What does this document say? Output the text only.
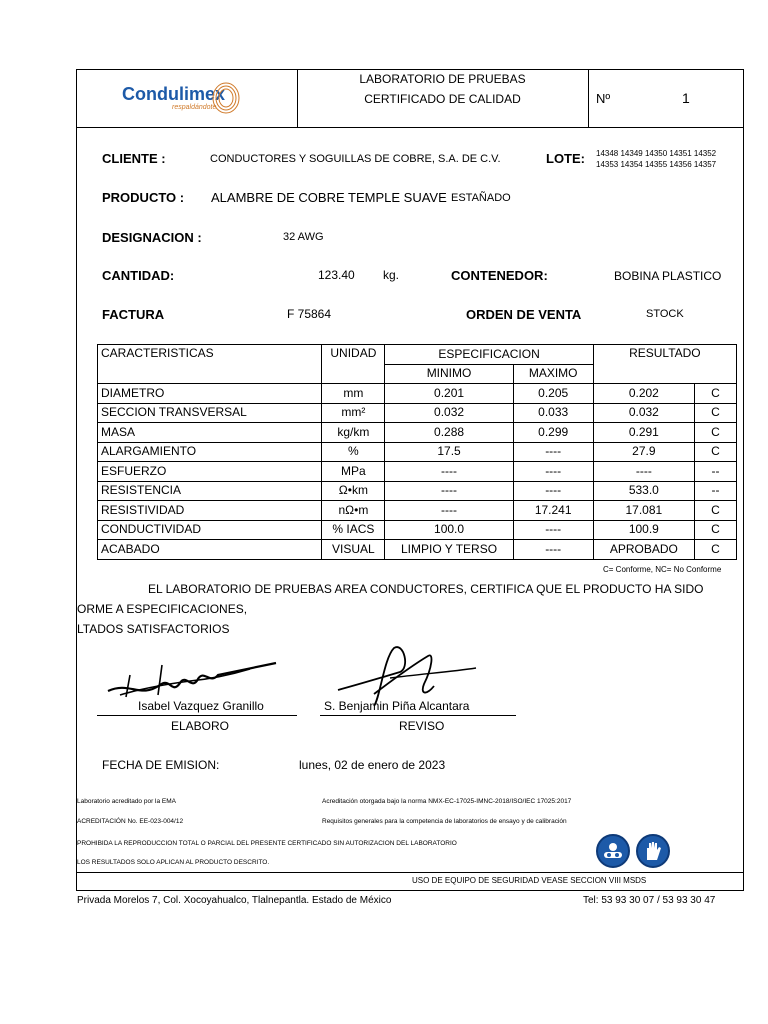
Condulimex
respaldándote
LABORATORIO DE PRUEBAS
CERTIFICADO DE CALIDAD	Nº	1
CLIENTE :	CONDUCTORES Y SOGUILLAS DE COBRE, S.A. DE C.V.	LOTE: 14348 14349 14350 14351 14352
14353 14354 14355 14356 14357
PRODUCTO : ALAMBRE DE COBRE TEMPLE SUAVE ESTAÑADO
DESIGNACION :	32 AWG
CANTIDAD:	123.40 kg.	CONTENEDOR:	BOBINA PLASTICO
FACTURA	F 75864	ORDEN DE VENTA	STOCK
CARACTERISTICAS	UNIDAD	ESPECIFICACION		RESULTADO	
		MINIMO	MAXIMO		
DIAMETRO	mm	0.201	0.205	0.202	C
SECCION TRANSVERSAL	mm²	0.032	0.033	0.032	C
MASA	kg/km	0.288	0.299	0.291	C
ALARGAMIENTO	%	17.5	----	27.9	C
ESFUERZO	MPa	----	----	----	--
RESISTENCIA	Ω•km	----	----	533.0	--
RESISTIVIDAD	nΩ•m	----	17.241	17.081	C
CONDUCTIVIDAD	% IACS	100.0	----	100.9	C
ACABADO	VISUAL	LIMPIO Y TERSO	----	APROBADO	C
C= Conforme, NC= No Conforme
EL LABORATORIO DE PRUEBAS AREA CONDUCTORES, CERTIFICA QUE EL PRODUCTO HA SIDO
ORME A ESPECIFICACIONES,
LTADOS SATISFACTORIOS
Isabel Vazquez Granillo
ELABORO
S. Benjamin Piña Alcantara
REVISO
FECHA DE EMISION:	lunes, 02 de enero de 2023
Laboratorio acreditado por la EMA	Acreditación otorgada bajo la norma NMX-EC-17025-IMNC-2018/ISO/IEC 17025:2017
ACREDITACIÓN No. EE-023-004/12	Requisitos generales para la competencia de laboratorios de ensayo y de calibración
PROHIBIDA LA REPRODUCCION TOTAL O PARCIAL DEL PRESENTE CERTIFICADO SIN AUTORIZACION DEL LABORATORIO
LOS RESULTADOS SOLO APLICAN AL PRODUCTO DESCRITO.
USO DE EQUIPO DE SEGURIDAD VEASE SECCION VIII MSDS
Privada Morelos 7, Col. Xocoyahualco, Tlalnepantla. Estado de México	Tel: 53 93 30 07 / 53 93 30 47
